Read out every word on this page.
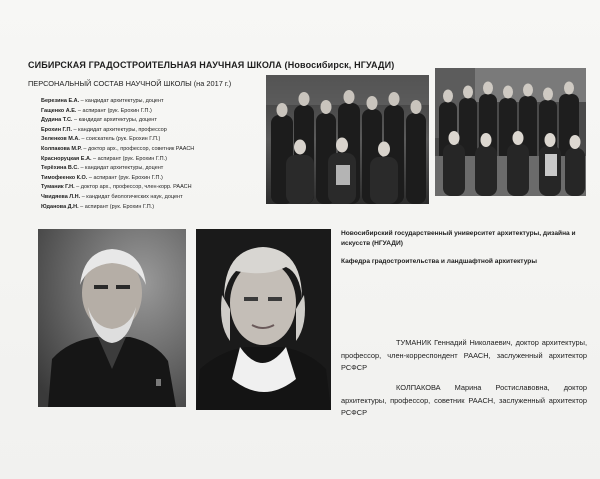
СИБИРСКАЯ ГРАДОСТРОИТЕЛЬНАЯ НАУЧНАЯ ШКОЛА (Новосибирск, НГУАДИ)
ПЕРСОНАЛЬНЫЙ СОСТАВ НАУЧНОЙ ШКОЛЫ (на 2017 г.)
Березина Е.А. – кандидат архитектуры, доцент
Гащенко А.Е. – аспирант (рук. Ерохин Г.П.)
Дудина Т.С. – кандидат архитектуры, доцент
Ерохин Г.П. – кандидат архитектуры, профессор
Зеленков М.А. – соискатель (рук. Ерохин Г.П.)
Колпакова М.Р. – доктор арх., профессор, советник РААСН
Красноруцкая Е.А. – аспирант (рук. Ерохин Г.П.)
Терёхина В.С. – кандидат архитектуры, доцент
Тимофеенко К.О. – аспирант (рук. Ерохин Г.П.)
Туманик Г.Н. – доктор арх., профессор, член-корр. РААСН
Чвидяева Л.Н. – кандидат биологических наук, доцент
Юданова Д.Н. – аспирант (рук. Ерохин Г.П.)
Новосибирский государственный университет архитектуры, дизайна и искусств (НГУАДИ)
Кафедра градостроительства и ландшафтной архитектуры
ТУМАНИК Геннадий Николаевич, доктор архитектуры, профессор, член-корреспондент РААСН, заслуженный архитектор РСФСР
КОЛПАКОВА Марина Ростиславовна, доктор архитектуры, профессор, советник РААСН, заслуженный архитектор РСФСР
